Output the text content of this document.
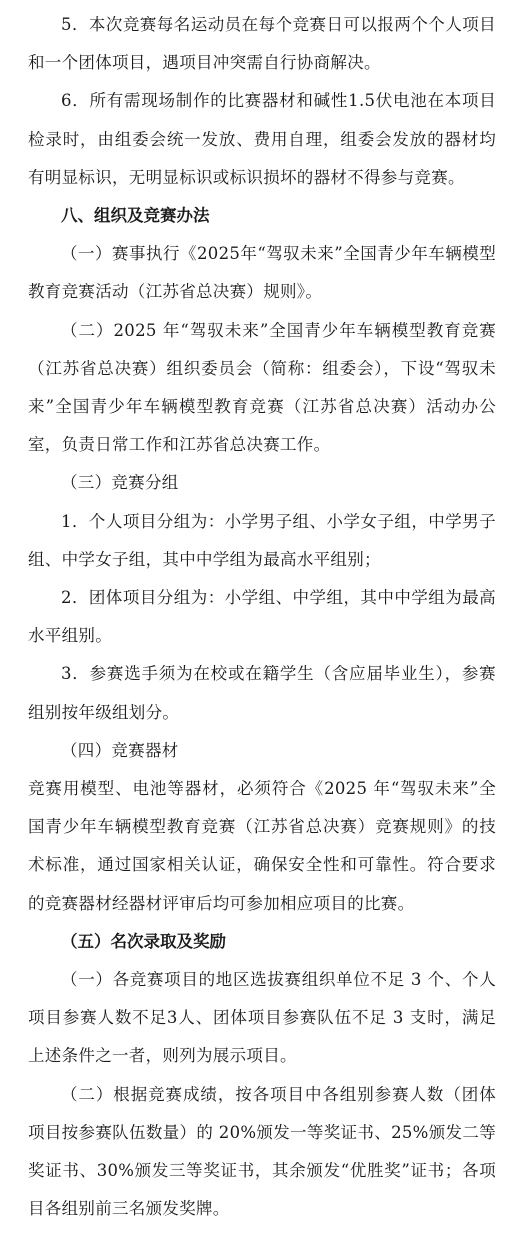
5．本次竞赛每名运动员在每个竞赛日可以报两个个人项目和一个团体项目，遇项目冲突需自行协商解决。

6．所有需现场制作的比赛器材和碱性1.5伏电池在本项目检录时，由组委会统一发放、费用自理，组委会发放的器材均有明显标识，无明显标识或标识损坏的器材不得参与竞赛。

八、组织及竞赛办法

（一）赛事执行《2025年“驾驭未来”全国青少年车辆模型教育竞赛活动（江苏省总决赛）规则》。

（二）2025 年“驾驭未来”全国青少年车辆模型教育竞赛（江苏省总决赛）组织委员会（简称：组委会），下设“驾驭未来”全国青少年车辆模型教育竞赛（江苏省总决赛）活动办公室，负责日常工作和江苏省总决赛工作。

（三）竞赛分组

1．个人项目分组为：小学男子组、小学女子组，中学男子组、中学女子组，其中中学组为最高水平组别；

2．团体项目分组为：小学组、中学组，其中中学组为最高水平组别。

3．参赛选手须为在校或在籍学生（含应届毕业生），参赛组别按年级组划分。

（四）竞赛器材

竞赛用模型、电池等器材，必须符合《2025 年“驾驭未来”全国青少年车辆模型教育竞赛（江苏省总决赛）竞赛规则》的技术标准，通过国家相关认证，确保安全性和可靠性。符合要求的竞赛器材经器材评审后均可参加相应项目的比赛。

（五）名次录取及奖励

（一）各竞赛项目的地区选拔赛组织单位不足 3 个、个人项目参赛人数不足3人、团体项目参赛队伍不足 3 支时，满足上述条件之一者，则列为展示项目。

（二）根据竞赛成绩，按各项目中各组别参赛人数（团体项目按参赛队伍数量）的 20%颁发一等奖证书、25%颁发二等奖证书、30%颁发三等奖证书，其余颁发“优胜奖”证书；各项目各组别前三名颁发奖牌。
